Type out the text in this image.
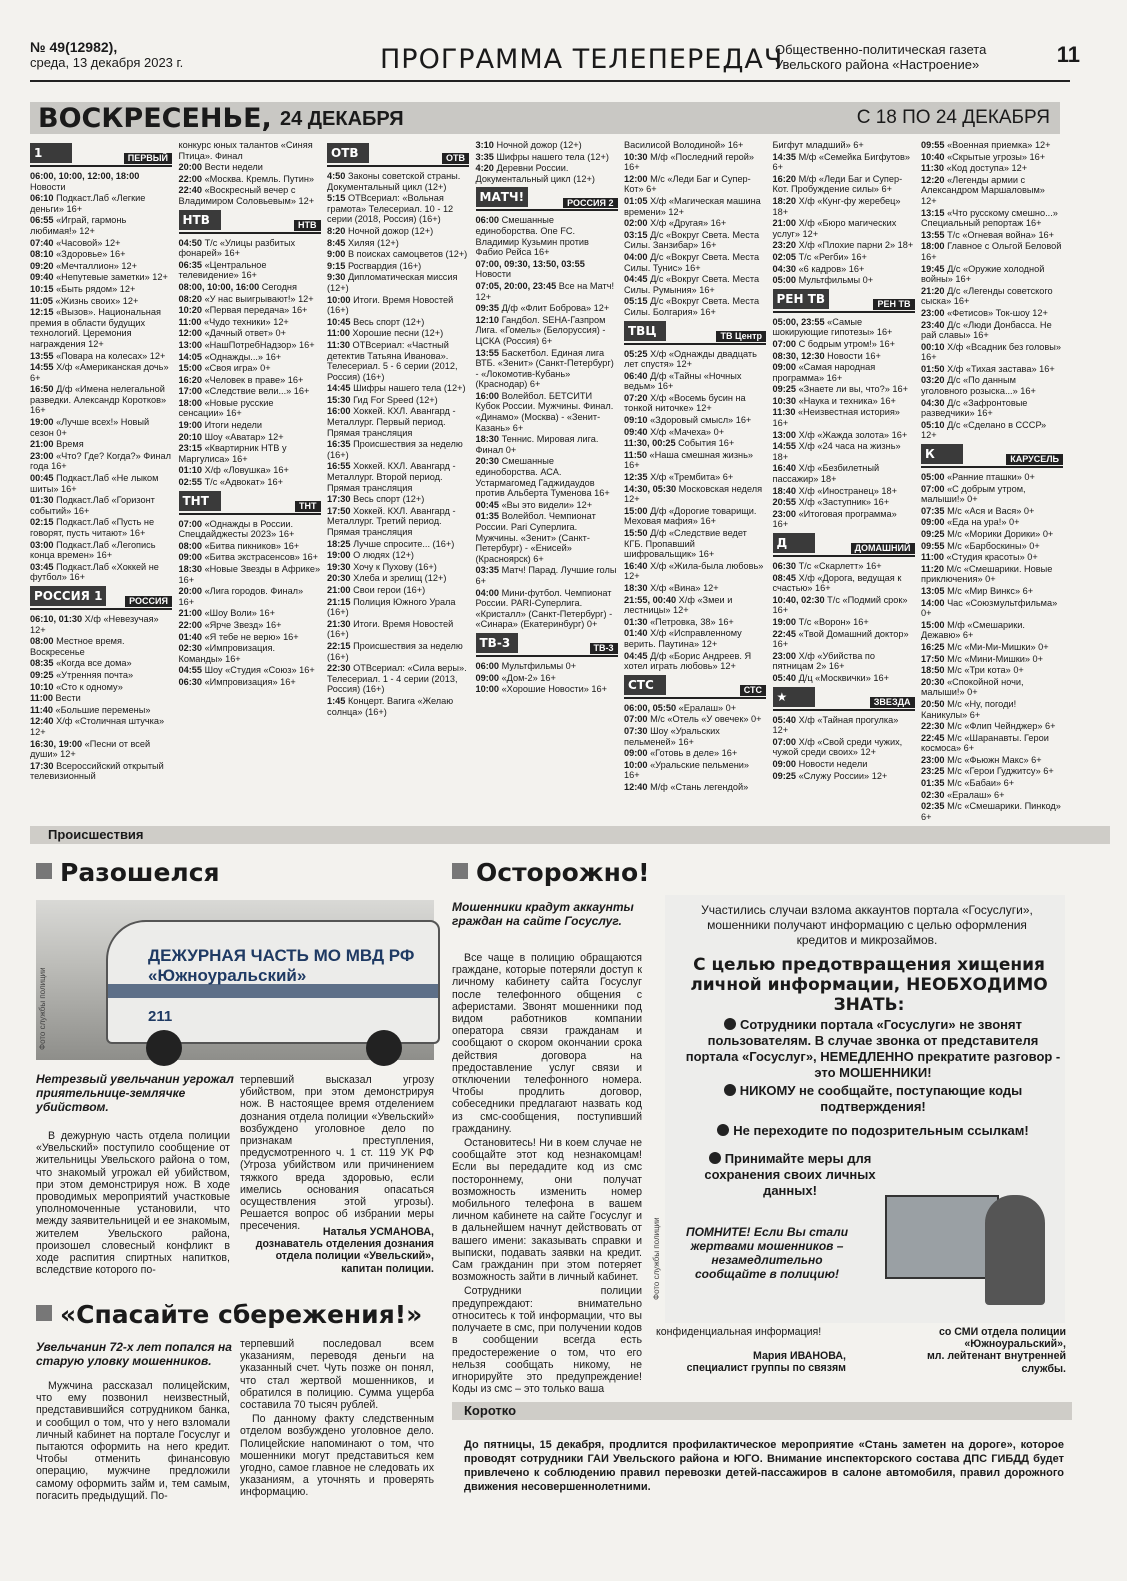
№ 49(12982),
среда, 13 декабря 2023 г.	ПРОГРАММА ТЕЛЕПЕРЕДАЧ
Общественно-политическая газета
Увельского района «Настроение»	11
ВОСКРЕСЕНЬЕ, 24 ДЕКАБРЯ	С 18 ПО 24 ДЕКАБРЯ
1	ПЕРВЫЙ
06:00, 10:00, 12:00, 18:00 Новости
06:10 Подкаст.Лаб «Легкие деньги» 16+
06:55 «Играй, гармонь любимая!» 12+
07:40 «Часовой» 12+
08:10 «Здоровье» 16+
09:20 «Мечталлион» 12+
09:40 «Непутевые заметки» 12+
10:15 «Быть рядом» 12+
11:05 «Жизнь своих» 12+
12:15 «Вызов». Национальная премия в области будущих технологий. Церемония награждения 12+
13:55 «Повара на колесах» 12+
14:55 Х/ф «Американская дочь» 6+
16:50 Д/ф «Имена нелегальной разведки. Александр Коротков» 16+
19:00 «Лучше всех!» Новый сезон 0+
21:00 Время
23:00 «Что? Где? Когда?» Финал года 16+
00:45 Подкаст.Лаб «Не лыком шиты» 16+
01:30 Подкаст.Лаб «Горизонт событий» 16+
02:15 Подкаст.Лаб «Пусть не говорят, пусть читают» 16+
03:00 Подкаст.Лаб «Легопись конца времен» 16+
03:45 Подкаст.Лаб «Хоккей не футбол» 16+
РОССИЯ 1	РОССИЯ
06:10, 01:30 Х/ф «Невезучая» 12+
08:00 Местное время. Воскресенье
08:35 «Когда все дома»
09:25 «Утренняя почта»
10:10 «Сто к одному»
11:00 Вести
11:40 «Большие перемены»
12:40 Х/ф «Столичная штучка» 12+
16:30, 19:00 «Песни от всей души» 12+
17:30 Всероссийский открытый телевизионный
конкурс юных талантов «Синяя Птица». Финал
20:00 Вести недели
22:00 «Москва. Кремль. Путин»
22:40 «Воскресный вечер с Владимиром Соловьевым» 12+
НТВ	НТВ
04:50 Т/с «Улицы разбитых фонарей» 16+
06:35 «Центральное телевидение» 16+
08:00, 10:00, 16:00 Сегодня
08:20 «У нас выигрывают!» 12+
10:20 «Первая передача» 16+
11:00 «Чудо техники» 12+
12:00 «Дачный ответ» 0+
13:00 «НашПотребНадзор» 16+
14:05 «Однажды...» 16+
15:00 «Своя игра» 0+
16:20 «Человек в праве» 16+
17:00 «Следствие вели...» 16+
18:00 «Новые русские сенсации» 16+
19:00 Итоги недели
20:10 Шоу «Аватар» 12+
23:15 «Квартирник НТВ у Маргулиса» 16+
01:10 Х/ф «Ловушка» 16+
02:55 Т/с «Адвокат» 16+
ТНТ	ТНТ
07:00 «Однажды в России. Спецдайджесты 2023» 16+
08:00 «Битва пикников» 16+
09:00 «Битва экстрасенсов» 16+
18:30 «Новые Звезды в Африке» 16+
20:00 «Лига городов. Финал» 16+
21:00 «Шоу Воли» 16+
22:00 «Ярче Звезд» 16+
01:40 «Я тебе не верю» 16+
02:30 «Импровизация. Команды» 16+
04:55 Шоу «Студия «Союз» 16+
06:30 «Импровизация» 16+
ОТВ	ОТВ
4:50 Законы советской страны. Документальный цикл (12+)
5:15 ОТВсериал: «Вольная грамота» Телесериал. 10 - 12 серии (2018, Россия) (16+)
8:20 Ночной дожор (12+)
8:45 Хиляя (12+)
9:00 В поисках самоцветов (12+)
9:15 Росгвардия (16+)
9:30 Дипломатическая миссия (12+)
10:00 Итоги. Время Новостей (16+)
10:45 Весь спорт (12+)
11:00 Хорошие песни (12+)
11:30 ОТВсериал: «Частный детектив Татьяна Иванова». Телесериал. 5 - 6 серии (2012, Россия) (16+)
14:45 Шифры нашего тела (12+)
15:30 Гид For Speed (12+)
16:00 Хоккей. КХЛ. Авангард - Металлург. Первый период. Прямая трансляция
16:35 Происшествия за неделю (16+)
16:55 Хоккей. КХЛ. Авангард - Металлург. Второй период. Прямая трансляция
17:30 Весь спорт (12+)
17:50 Хоккей. КХЛ. Авангард - Металлург. Третий период. Прямая трансляция
18:25 Лучше спросите... (16+)
19:00 О людях (12+)
19:30 Хочу к Пухову (16+)
20:30 Хлеба и зрелищ (12+)
21:00 Свои герои (16+)
21:15 Полиция Южного Урала (16+)
21:30 Итоги. Время Новостей (16+)
22:15 Происшествия за неделю (16+)
22:30 ОТВсериал: «Сила веры». Телесериал. 1 - 4 серии (2013, Россия) (16+)
1:45 Концерт. Вагига «Желаю солнца» (16+)
3:10 Ночной дожор (12+)
3:35 Шифры нашего тела (12+)
4:20 Деревни России. Документальный цикл (12+)
МАТЧ!	РОССИЯ 2
06:00 Смешанные единоборства. One FC. Владимир Кузьмин против Фабио Рейса 16+
07:00, 09:30, 13:50, 03:55 Новости
07:05, 20:00, 23:45 Все на Матч! 12+
09:35 Д/ф «Флит Боброва» 12+
12:10 Гандбол. SEHA-Газпром Лига. «Гомель» (Белоруссия) - ЦСКА (Россия) 6+
13:55 Баскетбол. Единая лига ВТБ. «Зенит» (Санкт-Петербург) - «Локомотив-Кубань» (Краснодар) 6+
16:00 Волейбол. БЕТСИТИ Кубок России. Мужчины. Финал. «Динамо» (Москва) - «Зенит-Казань» 6+
18:30 Теннис. Мировая лига. Финал 0+
20:30 Смешанные единоборства. АСА. Устармагомед Гаджидаудов против Альберта Туменова 16+
00:45 «Вы это видели» 12+
01:35 Волейбол. Чемпионат России. Pari Суперлига. Мужчины. «Зенит» (Санкт-Петербург) - «Енисей» (Красноярск) 6+
03:35 Матч! Парад. Лучшие голы 6+
04:00 Мини-футбол. Чемпионат России. PARI-Суперлига. «Кристалл» (Санкт-Петербург) - «Синара» (Екатеринбург) 0+
ТВ-3	ТВ-3
06:00 Мультфильмы 0+
09:00 «Дом-2» 16+
10:00 «Хорошие Новости» 16+
Василисой Володиной» 16+
10:30 М/ф «Последний герой» 16+
12:00 М/с «Леди Баг и Супер-Кот» 6+
01:05 Х/ф «Магическая машина времени» 12+
02:00 Х/ф «Другая» 16+
03:15 Д/с «Вокруг Света. Места Силы. Занзибар» 16+
04:00 Д/с «Вокруг Света. Места Силы. Тунис» 16+
04:45 Д/с «Вокруг Света. Места Силы. Румыния» 16+
05:15 Д/с «Вокруг Света. Места Силы. Болгария» 16+
ТВЦ	ТВ Центр
05:25 Х/ф «Однажды двадцать лет спустя» 12+
06:40 Д/ф «Тайны «Ночных ведьм» 16+
07:20 Х/ф «Восемь бусин на тонкой ниточке» 12+
09:10 «Здоровый смысл» 16+
09:40 Х/ф «Мачеха» 0+
11:30, 00:25 События 16+
11:50 «Наша смешная жизнь» 16+
12:35 Х/ф «Трембита» 6+
14:30, 05:30 Московская неделя 12+
15:00 Д/ф «Дорогие товарищи. Меховая мафия» 16+
15:50 Д/ф «Следствие ведет КГБ. Пропавший шифровальщик» 16+
16:40 Х/ф «Жила-была любовь» 12+
18:30 Х/ф «Вина» 12+
21:55, 00:40 Х/ф «Змеи и лестницы» 12+
01:30 «Петровка, 38» 16+
01:40 Х/ф «Исправленному верить. Паутина» 12+
04:45 Д/ф «Борис Андреев. Я хотел играть любовь» 12+
СТС	СТС
06:00, 05:50 «Ералаш» 0+
07:00 М/с «Отель «У овечек» 0+
07:30 Шоу «Уральских пельменей» 16+
09:00 «Готовь в деле» 16+
10:00 «Уральские пельмени» 16+
12:40 М/ф «Стань легендой»
Бигфут младший» 6+
14:35 М/ф «Семейка Бигфутов» 6+
16:20 М/ф «Леди Баг и Супер-Кот. Пробуждение силы» 6+
18:20 Х/ф «Кунг-фу жеребец» 18+
21:00 Х/ф «Бюро магических услуг» 12+
23:20 Х/ф «Плохие парни 2» 18+
02:05 Т/с «Регби» 16+
04:30 «6 кадров» 16+
05:00 Мультфильмы 0+
РЕН ТВ	РЕН ТВ
05:00, 23:55 «Самые шокирующие гипотезы» 16+
07:00 С бодрым утром!» 16+
08:30, 12:30 Новости 16+
09:00 «Самая народная программа» 16+
09:25 «Знаете ли вы, что?» 16+
10:30 «Наука и техника» 16+
11:30 «Неизвестная история» 16+
13:00 Х/ф «Жажда золота» 16+
14:55 Х/ф «24 часа на жизнь» 18+
16:40 Х/ф «Безбилетный пассажир» 18+
18:40 Х/ф «Иностранец» 18+
20:55 Х/ф «Заступник» 16+
23:00 «Итоговая программа» 16+
Д	ДОМАШНИЙ
06:30 Т/с «Скарлетт» 16+
08:45 Х/ф «Дорога, ведущая к счастью» 16+
10:40, 02:30 Т/с «Подмий срок» 16+
19:00 Т/с «Ворон» 16+
22:45 «Твой Домашний доктор» 16+
23:00 Х/ф «Убийства по пятницам 2» 16+
05:40 Д/ц «Москвички» 16+
★	ЗВЕЗДА
05:40 Х/ф «Тайная прогулка» 12+
07:00 Х/ф «Свой среди чужих, чужой среди своих» 12+
09:00 Новости недели
09:25 «Служу России» 12+
09:55 «Военная приемка» 12+
10:40 «Скрытые угрозы» 16+
11:30 «Код доступа» 12+
12:20 «Легенды армии с Александром Маршаловым» 12+
13:15 «Что русскому смешно...» Специальный репортаж 16+
13:55 Т/с «Огневая война» 16+
18:00 Главное с Ольгой Беловой 16+
19:45 Д/с «Оружие холодной войны» 16+
21:20 Д/с «Легенды советского сыска» 16+
23:00 «Фетисов» Ток-шоу 12+
23:40 Д/с «Люди Донбасса. Не рай славы» 16+
00:10 Х/ф «Всадник без головы» 16+
01:50 Х/ф «Тихая застава» 16+
03:20 Д/с «По данным уголовного розыска...» 16+
04:30 Д/с «Зафронтовые разведчики» 16+
05:10 Д/с «Сделано в СССР» 12+
К	КАРУСЕЛЬ
05:00 «Ранние пташки» 0+
07:00 «С добрым утром, малыши!» 0+
07:35 М/с «Ася и Вася» 0+
09:00 «Еда на ура!» 0+
09:25 М/с «Морики Дорики» 0+
09:55 М/с «Барбоскины» 0+
11:00 «Студия красоты» 0+
11:20 М/с «Смешарики. Новые приключения» 0+
13:05 М/с «Мир Винкс» 6+
14:00 Час «Союзмультфильма» 0+
15:00 М/ф «Смешарики. Дежавю» 6+
16:25 М/с «Ми-Ми-Мишки» 0+
17:50 М/с «Мини-Мишки» 0+
18:50 М/с «Три кота» 0+
20:30 «Спокойной ночи, малыши!» 0+
20:50 М/с «Ну, погоди! Каникулы» 6+
22:30 М/с «Флип Чейнджер» 6+
22:45 М/с «Шаранавты. Герои космоса» 6+
23:00 М/с «Фьюжн Макс» 6+
23:25 М/с «Герои Гуджитсу» 6+
01:35 М/с «Бабаи» 6+
02:30 «Ералаш» 6+
02:35 М/с «Смешарики. Пинкод» 6+
Происшествия
Разошелся
ДЕЖУРНАЯ ЧАСТЬ МО МВД РФ «Южноуральский»
211
Фото службы полиции
Нетрезвый увельчанин угрожал приятельнице-землячке убийством.

В дежурную часть отдела полиции «Увельский» поступило сообщение от жительницы Увельского района о том, что знакомый угрожал ей убийством, при этом демонстрируя нож. В ходе проводимых мероприятий участковые уполномоченные установили, что между заявительницей и ее знакомым, жителем Увельского района, произошел словесный конфликт в ходе распития спиртных напитков, вследствие которого по-

терпевший высказал угрозу убийством, при этом демонстрируя нож. В настоящее время отделением дознания отдела полиции «Увельский» возбуждено уголовное дело по признакам преступления, предусмотренного ч. 1 ст. 119 УК РФ (Угроза убийством или причинением тяжкого вреда здоровью, если имелись основания опасаться осуществления этой угрозы). Решается вопрос об избрании меры пресечения.	Наталья УСМАНОВА,
дознаватель отделения дознания отдела полиции «Увельский», капитан полиции.
«Спасайте сбережения!»
Увельчанин 72-х лет попался на старую уловку мошенников.

Мужчина рассказал полицейским, что ему позвонил неизвестный, представившийся сотрудником банка, и сообщил о том, что у него взломали личный кабинет на портале Госуслуг и пытаются оформить на него кредит. Чтобы отменить финансовую операцию, мужчине предложили самому оформить займ и, тем самым, погасить предыдущий. По-

терпевший последовал всем указаниям, переводя деньги на указанный счет. Чуть позже он понял, что стал жертвой мошенников, и обратился в полицию. Сумма ущерба составила 70 тысяч рублей.

По данному факту следственным отделом возбуждено уголовное дело. Полицейские напоминают о том, что мошенники могут представиться кем угодно, самое главное не следовать их указаниям, а уточнять и проверять информацию.

Осторожно!
Мошенники крадут аккаунты граждан на сайте Госуслуг.

Все чаще в полицию обращаются граждане, которые потеряли доступ к личному кабинету сайта Госуслуг после телефонного общения с аферистами. Звонят мошенники под видом работников компании оператора связи гражданам и сообщают о скором окончании срока действия договора на предоставление услуг связи и отключении телефонного номера. Чтобы продлить договор, собеседники предлагают назвать код из смс-сообщения, поступивший гражданину.

Остановитесь! Ни в коем случае не сообщайте этот код незнакомцам! Если вы передадите код из смс постороннему, они получат возможность изменить номер мобильного телефона в вашем личном кабинете на сайте Госуслуг и в дальнейшем начнут действовать от вашего имени: заказывать справки и выписки, подавать заявки на кредит. Сам гражданин при этом потеряет возможность зайти в личный кабинет.

Сотрудники полиции предупреждают: внимательно относитесь к той информации, что вы получаете в смс, при получении кодов в сообщении всегда есть предостережение о том, что его нельзя сообщать никому, не игнорируйте это предупреждение! Коды из смс – это только ваша

Участились случаи взлома аккаунтов портала «Госуслуги», мошенники получают информацию с целью оформления кредитов и микрозаймов.
С целью предотвращения хищения личной информации, НЕОБХОДИМО ЗНАТЬ:
Сотрудники портала «Госуслуги» не звонят пользователям. В случае звонка от представителя портала «Госуслуг», НЕМЕДЛЕННО прекратите разговор - это МОШЕННИКИ!
НИКОМУ не сообщайте, поступающие коды подтверждения!
Не переходите по подозрительным ссылкам!
Принимайте меры для сохранения своих личных данных!
ПОМНИТЕ! Если Вы стали жертвами мошенников – незамедлительно сообщайте в полицию!
Фото службы полиции

конфиденциальная информация!

Мария ИВАНОВА,
специалист группы по связям
со СМИ отдела полиции «Южноуральский»,
мл. лейтенант внутренней службы.
Коротко
До пятницы, 15 декабря, продлится профилактическое мероприятие «Стань заметен на дороге», которое проводят сотрудники ГАИ Увельского района и ЮГО. Внимание инспекторского состава ДПС ГИБДД будет привлечено к соблюдению правил перевозки детей-пассажиров в салоне автомобиля, правил дорожного движения несовершеннолетними.
